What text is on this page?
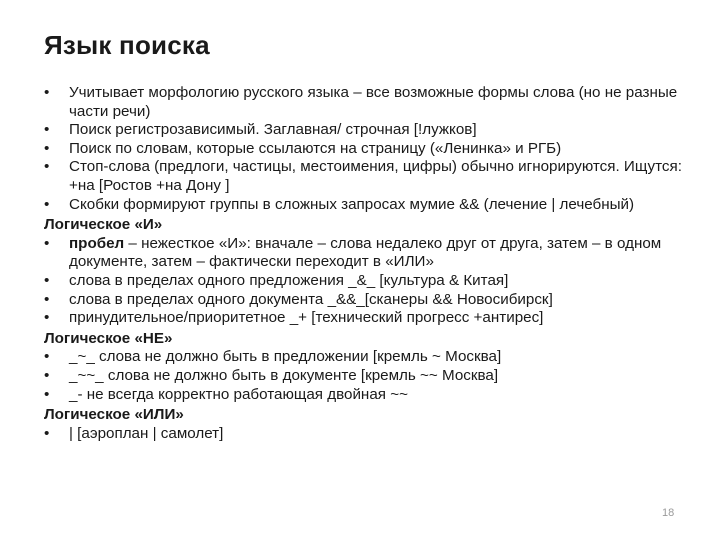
Язык поиска
• Учитывает морфологию русского языка – все возможные формы слова (но не разные части речи)
• Поиск регистрозависимый. Заглавная/ строчная [!лужков]
• Поиск по словам, которые ссылаются на страницу («Ленинка» и РГБ)
• Стоп-слова (предлоги, частицы, местоимения, цифры) обычно игнорируются. Ищутся: +на [Ростов +на Дону ]
• Скобки формируют группы в сложных запросах мумие && (лечение | лечебный)
Логическое «И»
• пробел – нежесткое «И»: вначале – слова недалеко друг от друга, затем – в одном документе, затем – фактически переходит в «ИЛИ»
• слова в пределах одного предложения _&_ [культура & Китая]
• слова в пределах одного документа _&&_[сканеры && Новосибирск]
• принудительное/приоритетное _+ [технический прогресс +антирес]
Логическое «НЕ»
• _~_ слова не должно быть в предложении [кремль ~ Москва]
• _~~_ слова не должно быть в документе [кремль ~~ Москва]
• _- не всегда корректно работающая двойная ~~
Логическое «ИЛИ»
• | [аэроплан | самолет]
18
